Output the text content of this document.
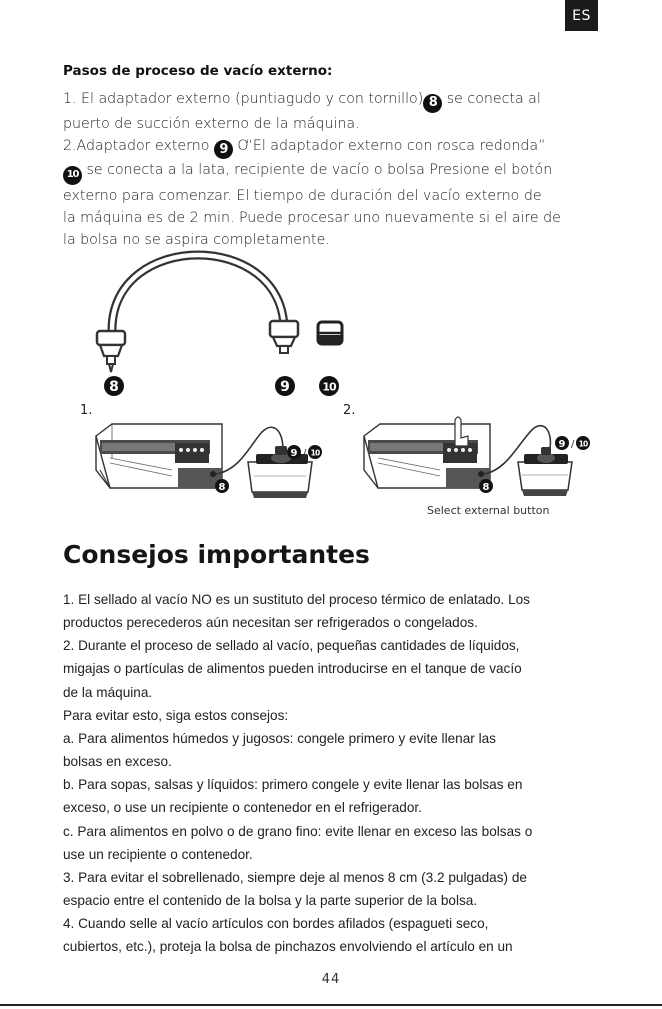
ES
Pasos de proceso de vacío externo:
1. El adaptador externo (puntiagudo y con tornillo) 8 se conecta al
puerto de succión externo de la máquina.
2.Adaptador externo 9 O“El adaptador externo con rosca redonda”
10 se conecta a la lata, recipiente de vacío o bolsa Presione el botón
externo para comenzar. El tiempo de duración del vacío externo de
la máquina es de 2 min. Puede procesar uno nuevamente si el aire de
la bolsa no se aspira completamente.
8	9	10
1.	2.
9 / 10
8
9 / 10
8
Select external button
Consejos importantes
1. El sellado al vacío NO es un sustituto del proceso térmico de enlatado. Los
productos perecederos aún necesitan ser refrigerados o congelados.
2. Durante el proceso de sellado al vacío, pequeñas cantidades de líquidos,
migajas o partículas de alimentos pueden introducirse en el tanque de vacío
de la máquina.
Para evitar esto, siga estos consejos:
a. Para alimentos húmedos y jugosos: congele primero y evite llenar las
bolsas en exceso.
b. Para sopas, salsas y líquidos: primero congele y evite llenar las bolsas en
exceso, o use un recipiente o contenedor en el refrigerador.
c. Para alimentos en polvo o de grano fino: evite llenar en exceso las bolsas o
use un recipiente o contenedor.
3. Para evitar el sobrellenado, siempre deje al menos 8 cm (3.2 pulgadas) de
espacio entre el contenido de la bolsa y la parte superior de la bolsa.
4. Cuando selle al vacío artículos con bordes afilados (espagueti seco,
cubiertos, etc.), proteja la bolsa de pinchazos envolviendo el artículo en un
44
